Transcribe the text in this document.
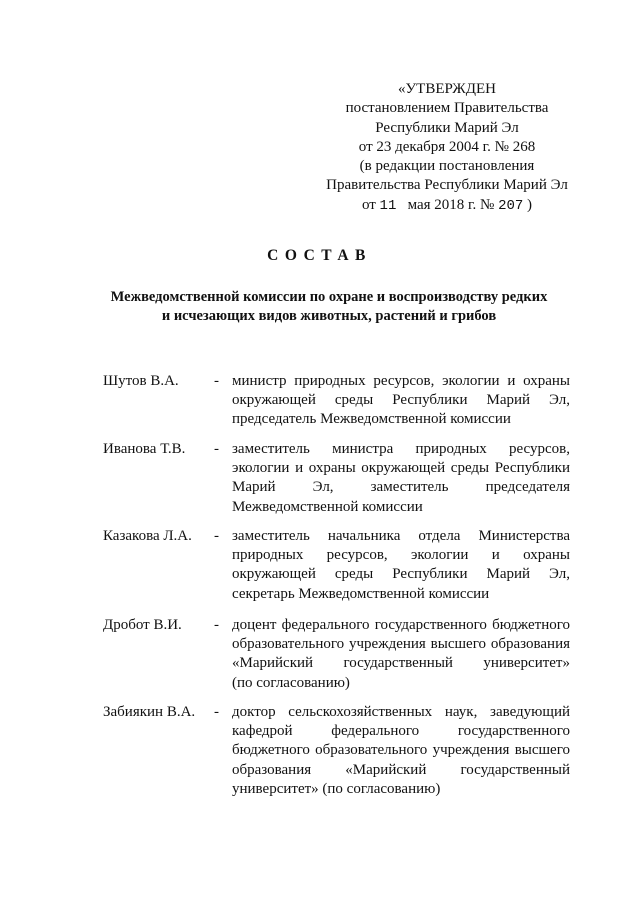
«УТВЕРЖДЕН
постановлением Правительства
Республики Марий Эл
от 23 декабря 2004 г. № 268
(в редакции постановления
Правительства Республики Марий Эл
от 11 мая 2018 г. № 207 )
СОСТАВ
Межведомственной комиссии по охране и воспроизводству редких
и исчезающих видов животных, растений и грибов
Шутов В.А. - министр природных ресурсов, экологии и охраны
окружающей среды Республики Марий Эл,
председатель Межведомственной комиссии
Иванова Т.В. - заместитель министра природных ресурсов,
экологии и охраны окружающей среды Республики
Марий Эл, заместитель председателя
Межведомственной комиссии
Казакова Л.А. - заместитель начальника отдела Министерства
природных ресурсов, экологии и охраны
окружающей среды Республики Марий Эл,
секретарь Межведомственной комиссии
Дробот В.И. - доцент федерального государственного бюджетного
образовательного учреждения высшего образования
«Марийский государственный университет»
(по согласованию)
Забиякин В.А. - доктор сельскохозяйственных наук, заведующий
кафедрой федерального государственного
бюджетного образовательного учреждения высшего
образования «Марийский государственный
университет» (по согласованию)
